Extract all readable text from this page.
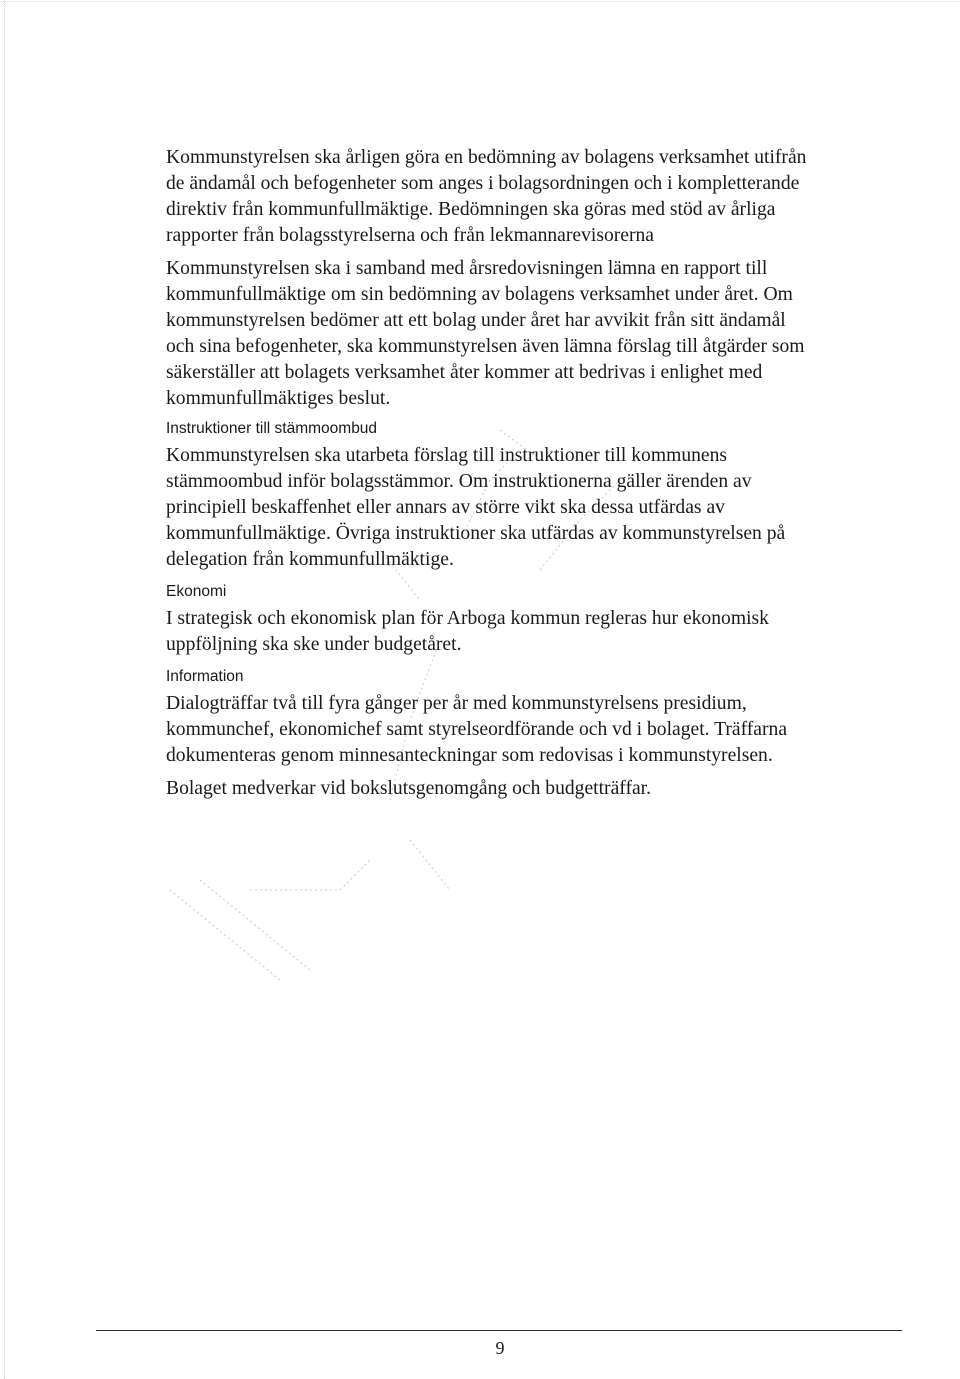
Kommunstyrelsen ska årligen göra en bedömning av bolagens verksamhet utifrån de ändamål och befogenheter som anges i bolagsordningen och i kompletterande direktiv från kommunfullmäktige. Bedömningen ska göras med stöd av årliga rapporter från bolagsstyrelserna och från lekmannarevisorerna

Kommunstyrelsen ska i samband med årsredovisningen lämna en rapport till kommunfullmäktige om sin bedömning av bolagens verksamhet under året. Om kommunstyrelsen bedömer att ett bolag under året har avvikit från sitt ändamål och sina befogenheter, ska kommunstyrelsen även lämna förslag till åtgärder som säkerställer att bolagets verksamhet åter kommer att bedrivas i enlighet med kommunfullmäktiges beslut.

Instruktioner till stämmoombud

Kommunstyrelsen ska utarbeta förslag till instruktioner till kommunens stämmoombud inför bolagsstämmor. Om instruktionerna gäller ärenden av principiell beskaffenhet eller annars av större vikt ska dessa utfärdas av kommunfullmäktige. Övriga instruktioner ska utfärdas av kommunstyrelsen på delegation från kommunfullmäktige.

Ekonomi

I strategisk och ekonomisk plan för Arboga kommun regleras hur ekonomisk uppföljning ska ske under budgetåret.

Information

Dialogträffar två till fyra gånger per år med kommunstyrelsens presidium, kommunchef, ekonomichef samt styrelseordförande och vd i bolaget. Träffarna dokumenteras genom minnesanteckningar som redovisas i kommunstyrelsen.

Bolaget medverkar vid bokslutsgenomgång och budgetträffar.

9
